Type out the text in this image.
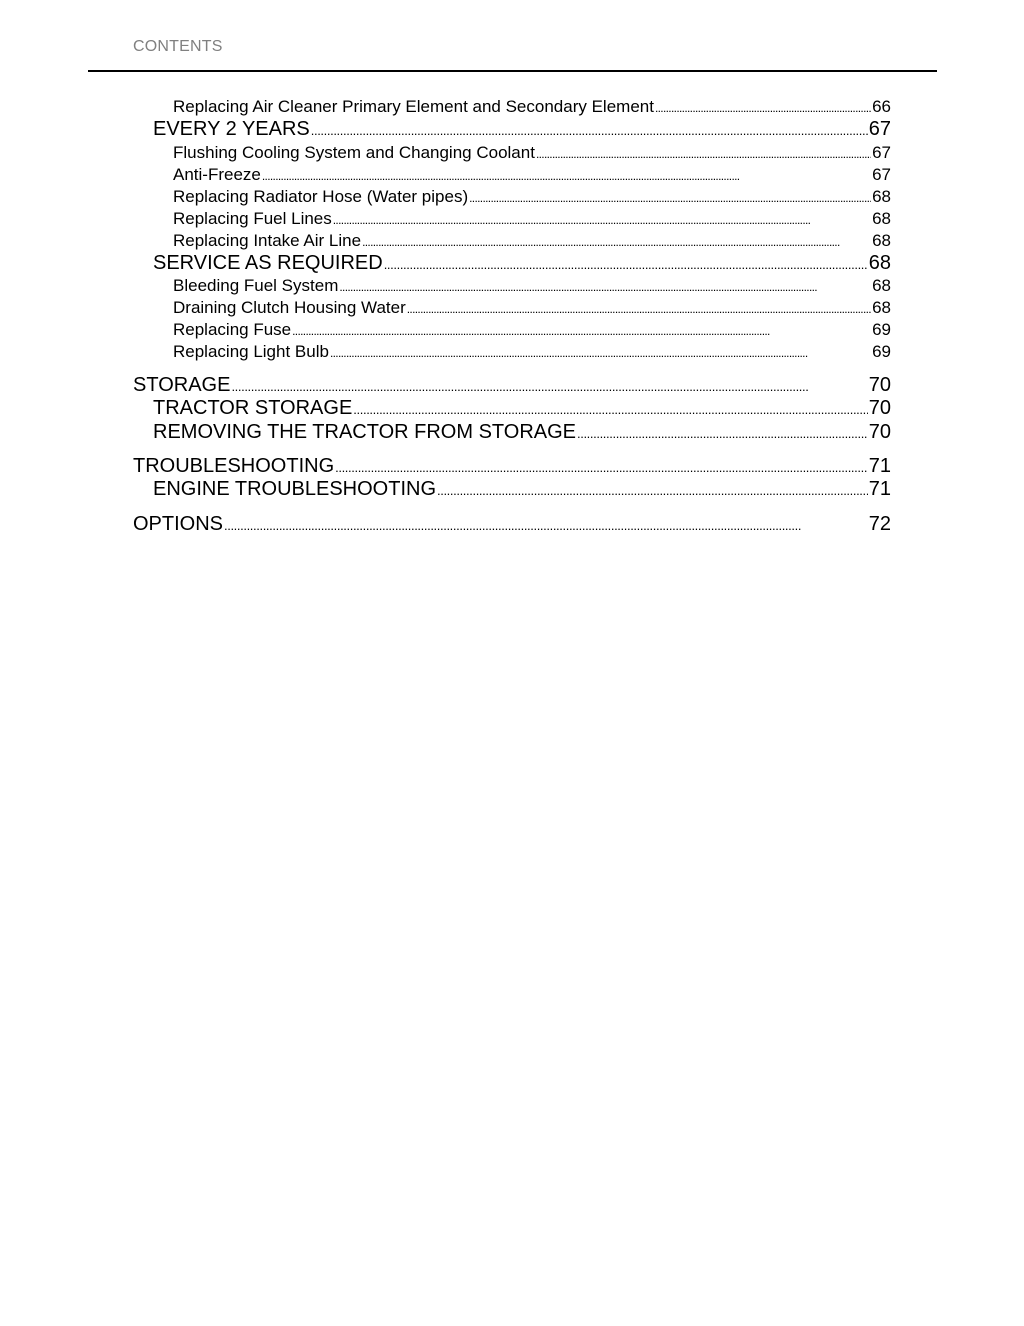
CONTENTS
Replacing Air Cleaner Primary Element and Secondary Element . . .	66
EVERY 2 YEARS . . .	67
Flushing Cooling System and Changing Coolant . . .	67
Anti-Freeze . . .	67
Replacing Radiator Hose (Water pipes) . . .	68
Replacing Fuel Lines . . .	68
Replacing Intake Air Line . . .	68
SERVICE AS REQUIRED . . .	68
Bleeding Fuel System . . .	68
Draining Clutch Housing Water . . .	68
Replacing Fuse . . .	69
Replacing Light Bulb . . .	69
STORAGE . . .	70
TRACTOR STORAGE . . .	70
REMOVING THE TRACTOR FROM STORAGE . . .	70
TROUBLESHOOTING . . .	71
ENGINE TROUBLESHOOTING . . .	71
OPTIONS . . .	72
